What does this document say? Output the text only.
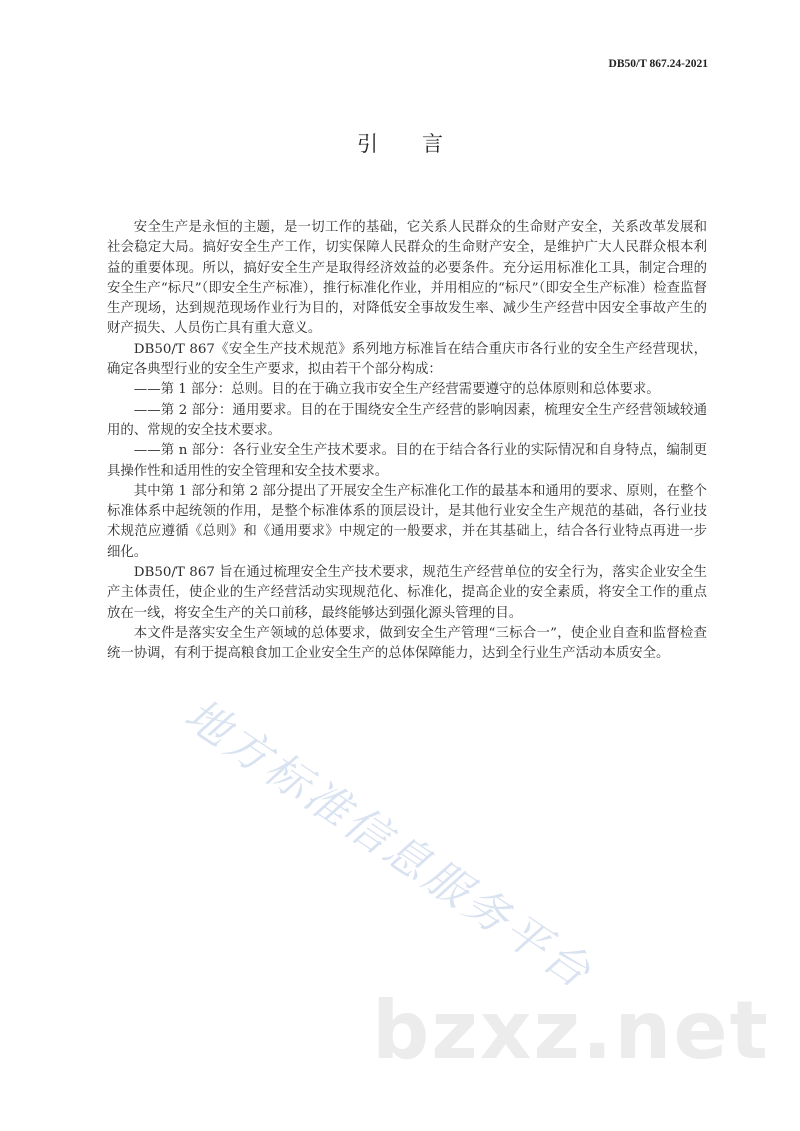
DB50/T 867.24-2021
引言

安全生产是永恒的主题，是一切工作的基础，它关系人民群众的生命财产安全，关系改革发展和社会稳定大局。搞好安全生产工作，切实保障人民群众的生命财产安全，是维护广大人民群众根本利益的重要体现。所以，搞好安全生产是取得经济效益的必要条件。充分运用标准化工具，制定合理的安全生产“标尺”（即安全生产标准），推行标准化作业，并用相应的“标尺”（即安全生产标准）检查监督生产现场，达到规范现场作业行为目的，对降低安全事故发生率、减少生产经营中因安全事故产生的财产损失、人员伤亡具有重大意义。

DB50/T 867《安全生产技术规范》系列地方标准旨在结合重庆市各行业的安全生产经营现状，确定各典型行业的安全生产要求，拟由若干个部分构成：

——第 1 部分：总则。目的在于确立我市安全生产经营需要遵守的总体原则和总体要求。

——第 2 部分：通用要求。目的在于围绕安全生产经营的影响因素，梳理安全生产经营领域较通用的、常规的安全技术要求。

——第 n 部分：各行业安全生产技术要求。目的在于结合各行业的实际情况和自身特点，编制更具操作性和适用性的安全管理和安全技术要求。

其中第 1 部分和第 2 部分提出了开展安全生产标准化工作的最基本和通用的要求、原则，在整个标准体系中起统领的作用，是整个标准体系的顶层设计，是其他行业安全生产规范的基础，各行业技术规范应遵循《总则》和《通用要求》中规定的一般要求，并在其基础上，结合各行业特点再进一步细化。

DB50/T 867 旨在通过梳理安全生产技术要求，规范生产经营单位的安全行为，落实企业安全生产主体责任，使企业的生产经营活动实现规范化、标准化，提高企业的安全素质，将安全工作的重点放在一线，将安全生产的关口前移，最终能够达到强化源头管理的目。

本文件是落实安全生产领域的总体要求，做到安全生产管理“三标合一”，使企业自查和监督检查统一协调，有利于提高粮食加工企业安全生产的总体保障能力，达到全行业生产活动本质安全。

地方标准信息服务平台
bzxz.net
